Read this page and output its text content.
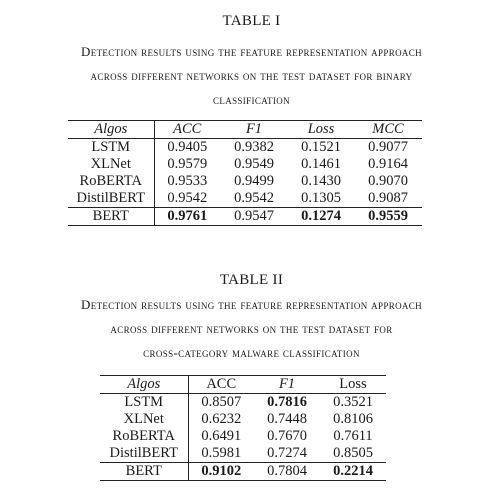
TABLE I
Detection results using the feature representation approach
across different networks on the test dataset for binary
classification
Algos	ACC	F1	Loss	MCC
LSTM	0.9405	0.9382	0.1521	0.9077
XLNet	0.9579	0.9549	0.1461	0.9164
RoBERTA	0.9533	0.9499	0.1430	0.9070
DistilBERT	0.9542	0.9542	0.1305	0.9087
BERT	0.9761	0.9547	0.1274	0.9559
TABLE II
Detection results using the feature representation approach
across different networks on the test dataset for
cross-category malware classification
Algos	ACC	F1	Loss
LSTM	0.8507	0.7816	0.3521
XLNet	0.6232	0.7448	0.8106
RoBERTA	0.6491	0.7670	0.7611
DistilBERT	0.5981	0.7274	0.8505
BERT	0.9102	0.7804	0.2214
